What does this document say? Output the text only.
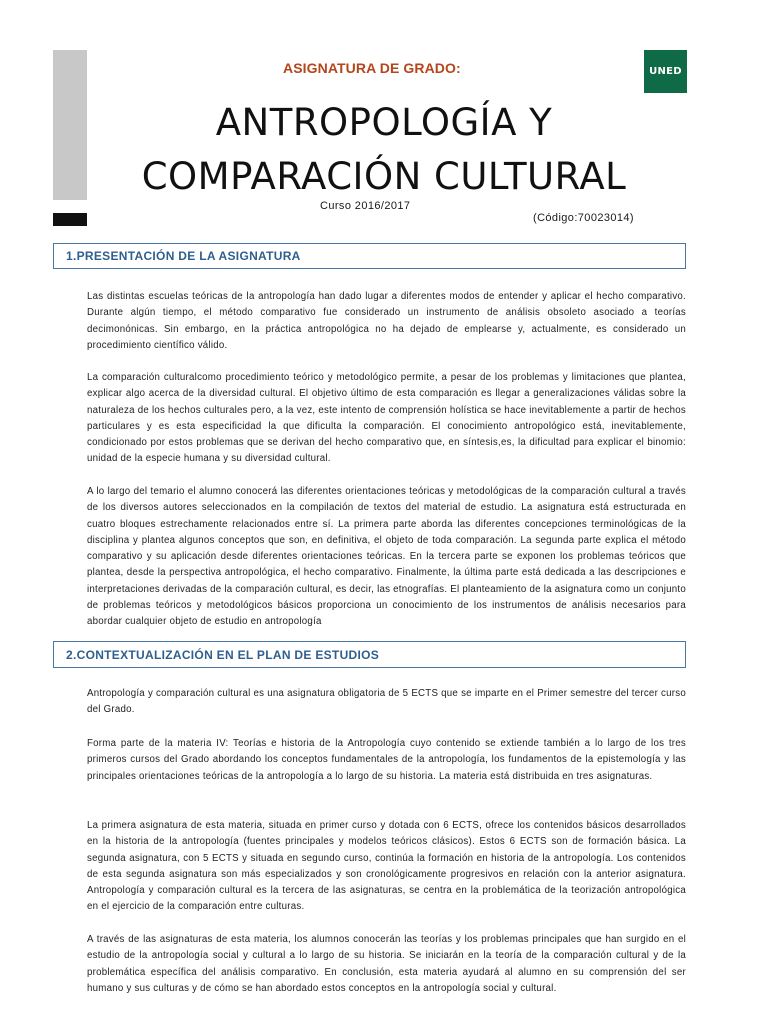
ASIGNATURA DE GRADO:	UNED
ANTROPOLOGÍA Y
COMPARACIÓN CULTURAL
Curso 2016/2017
(Código:70023014)
1.PRESENTACIÓN DE LA ASIGNATURA
Las distintas escuelas teóricas de la antropología han dado lugar a diferentes modos de entender y aplicar el hecho comparativo. Durante algún tiempo, el método comparativo fue considerado un instrumento de análisis obsoleto asociado a teorías decimonónicas. Sin embargo, en la práctica antropológica no ha dejado de emplearse y, actualmente, es considerado un procedimiento científico válido.
La comparación culturalcomo procedimiento teórico y metodológico permite, a pesar de los problemas y limitaciones que plantea, explicar algo acerca de la diversidad cultural. El objetivo último de esta comparación es llegar a generalizaciones válidas sobre la naturaleza de los hechos culturales pero, a la vez, este intento de comprensión holística se hace inevitablemente a partir de hechos particulares y es esta especificidad la que dificulta la comparación. El conocimiento antropológico está, inevitablemente, condicionado por estos problemas que se derivan del hecho comparativo que, en síntesis,es, la dificultad para explicar el binomio: unidad de la especie humana y su diversidad cultural.
A lo largo del temario el alumno conocerá las diferentes orientaciones teóricas y metodológicas de la comparación cultural a través de los diversos autores seleccionados en la compilación de textos del material de estudio. La asignatura está estructurada en cuatro bloques estrechamente relacionados entre sí. La primera parte aborda las diferentes concepciones terminológicas de la disciplina y plantea algunos conceptos que son, en definitiva, el objeto de toda comparación. La segunda parte explica el método comparativo y su aplicación desde diferentes orientaciones teóricas. En la tercera parte se exponen los problemas teóricos que plantea, desde la perspectiva antropológica, el hecho comparativo. Finalmente, la última parte está dedicada a las descripciones e interpretaciones derivadas de la comparación cultural, es decir, las etnografías. El planteamiento de la asignatura como un conjunto de problemas teóricos y metodológicos básicos proporciona un conocimiento de los instrumentos de análisis necesarios para abordar cualquier objeto de estudio en antropología
2.CONTEXTUALIZACIÓN EN EL PLAN DE ESTUDIOS
Antropología y comparación cultural es una asignatura obligatoria de 5 ECTS que se imparte en el Primer semestre del tercer curso del Grado.
Forma parte de la materia IV: Teorías e historia de la Antropología cuyo contenido se extiende también a lo largo de los tres primeros cursos del Grado abordando los conceptos fundamentales de la antropología, los fundamentos de la epistemología y las principales orientaciones teóricas de la antropología a lo largo de su historia. La materia está distribuida en tres asignaturas.
La primera asignatura de esta materia, situada en primer curso y dotada con 6 ECTS, ofrece los contenidos básicos desarrollados en la historia de la antropología (fuentes principales y modelos teóricos clásicos). Estos 6 ECTS son de formación básica. La segunda asignatura, con 5 ECTS y situada en segundo curso, continúa la formación en historia de la antropología. Los contenidos de esta segunda asignatura son más especializados y son cronológicamente progresivos en relación con la anterior asignatura. Antropología y comparación cultural es la tercera de las asignaturas, se centra en la problemática de la teorización antropológica en el ejercicio de la comparación entre culturas.
A través de las asignaturas de esta materia, los alumnos conocerán las teorías y los problemas principales que han surgido en el estudio de la antropología social y cultural a lo largo de su historia. Se iniciarán en la teoría de la comparación cultural y de la problemática específica del análisis comparativo. En conclusión, esta materia ayudará al alumno en su comprensión del ser humano y sus culturas y de cómo se han abordado estos conceptos en la antropología social y cultural.
